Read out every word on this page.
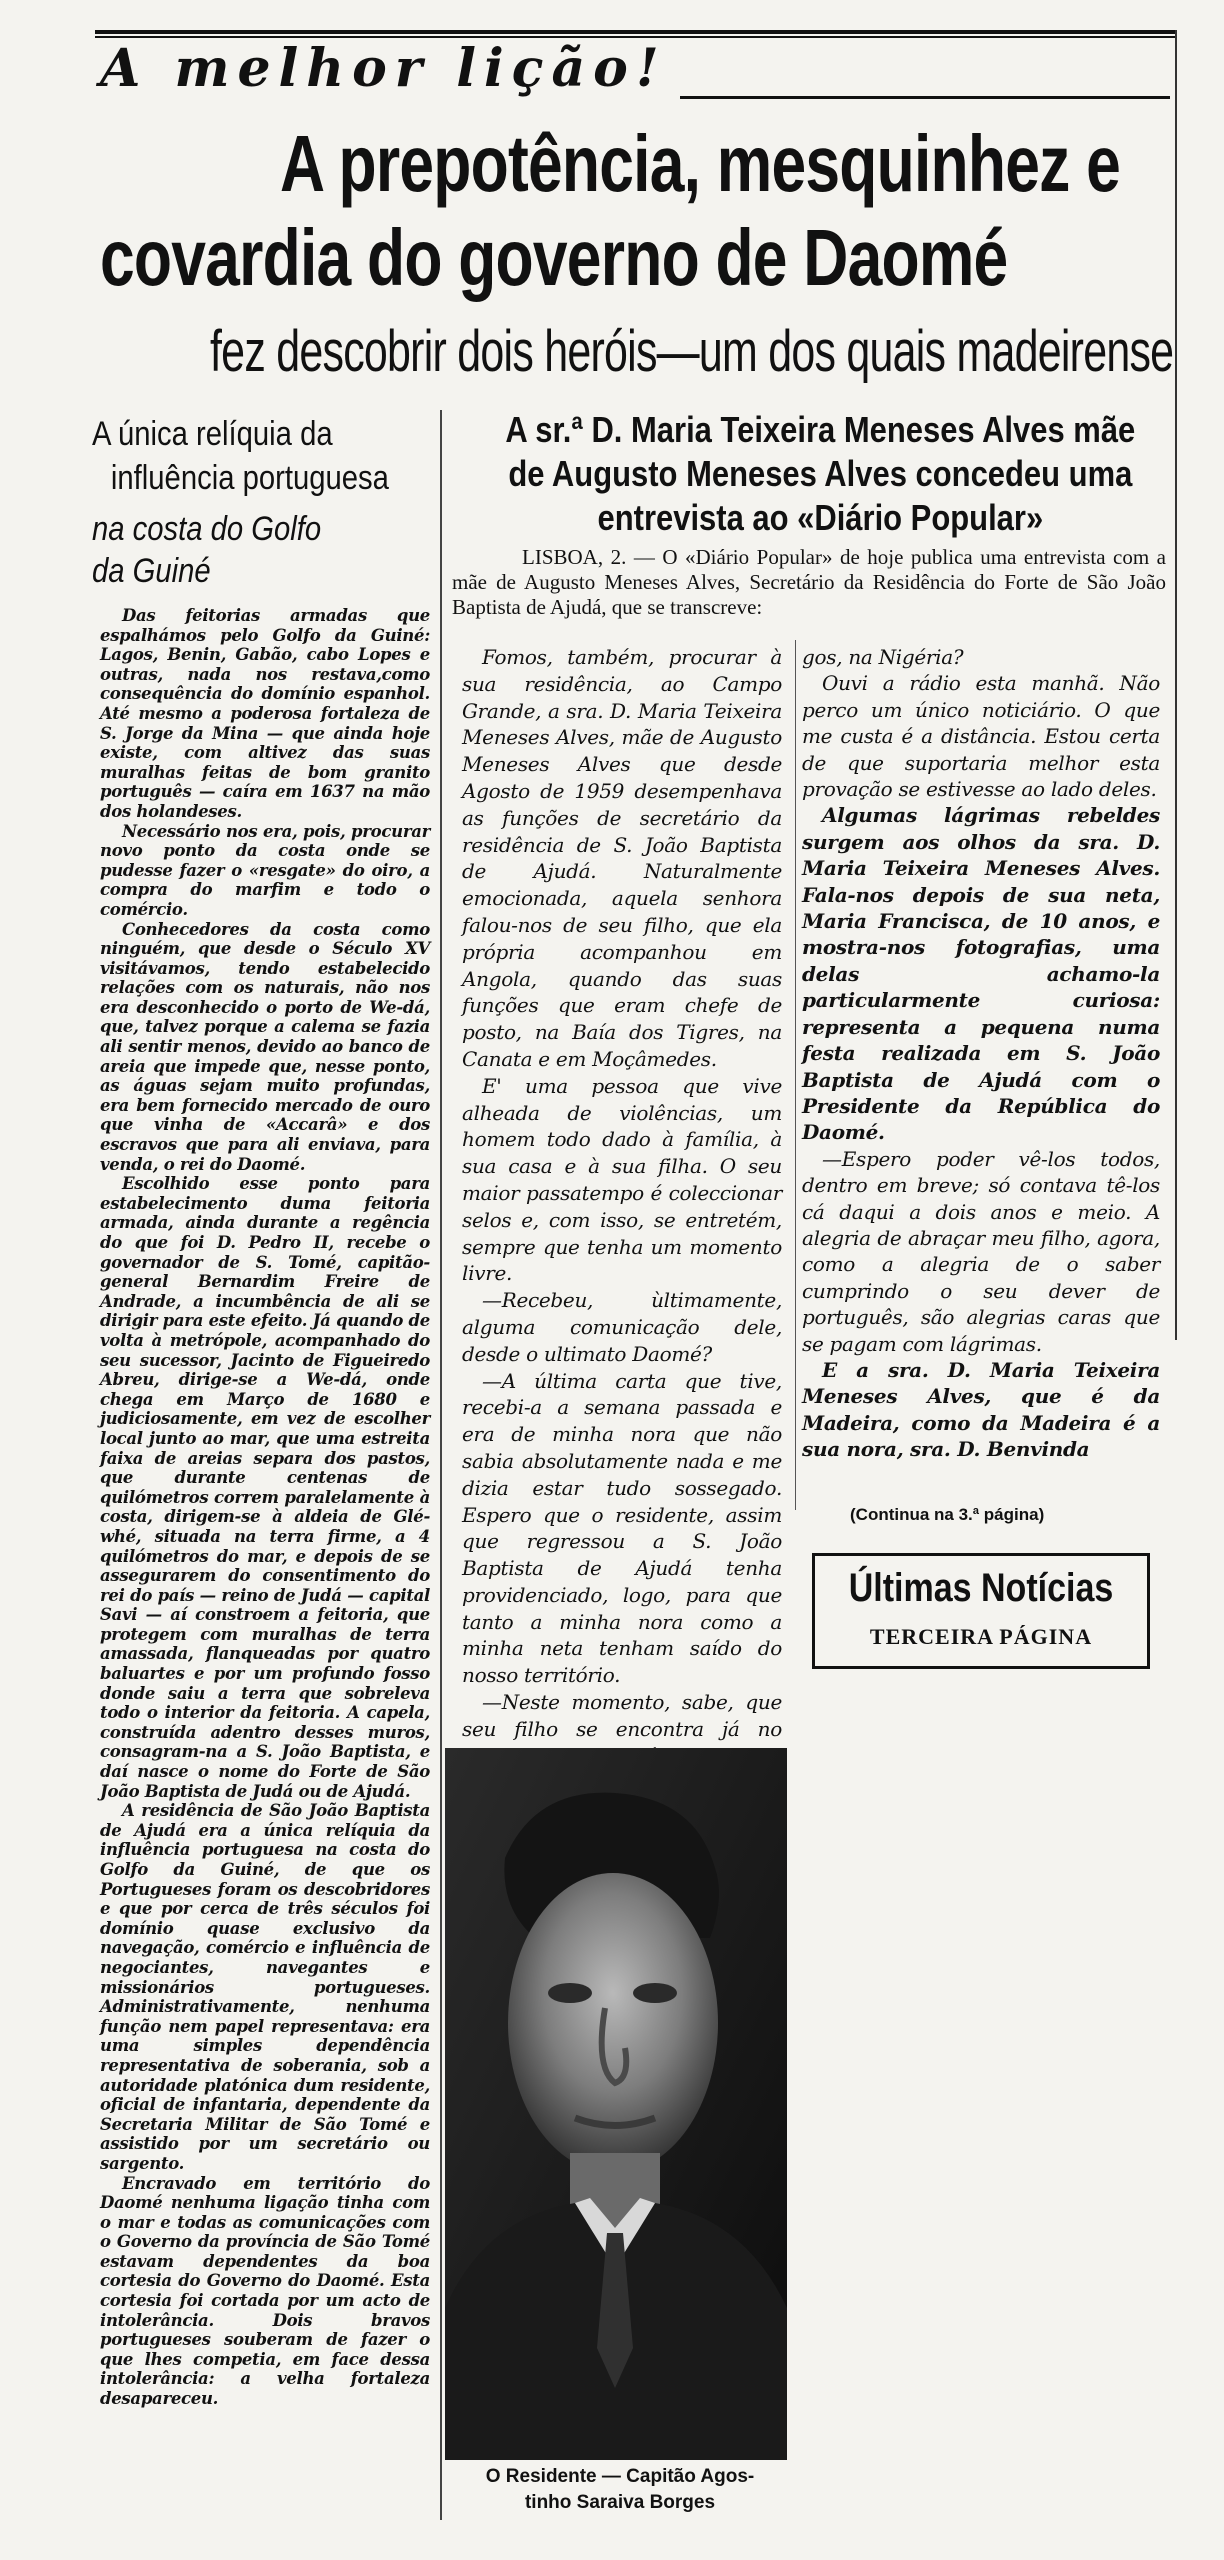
A melhor lição!
A prepotência, mesquinhez e
covardia do governo de Daomé
fez descobrir dois heróis—um dos quais madeirense
A única relíquia da
influência portuguesa
na costa do Golfo
da Guiné

Das feitorias armadas que espalhámos pelo Golfo da Guiné: Lagos, Benin, Gabão, cabo Lopes e outras, nada nos restava,como consequência do domínio espanhol. Até mesmo a poderosa fortaleza de S. Jorge da Mina — que ainda hoje existe, com altivez das suas muralhas feitas de bom granito português — caíra em 1637 na mão dos holandeses.

Necessário nos era, pois, procurar novo ponto da costa onde se pudesse fazer o «resgate» do oiro, a compra do marfim e todo o comércio.

Conhecedores da costa como ninguém, que desde o Século XV visitávamos, tendo estabelecido relações com os naturais, não nos era desconhecido o porto de We-dá, que, talvez porque a calema se fazia ali sentir menos, devido ao banco de areia que impede que, nesse ponto, as águas sejam muito profundas, era bem fornecido mercado de ouro que vinha de «Accarâ» e dos escravos que para ali enviava, para venda, o rei do Daomé.

Escolhido esse ponto para estabelecimento duma feitoria armada, ainda durante a regência do que foi D. Pedro II, recebe o governador de S. Tomé, capitão-general Bernardim Freire de Andrade, a incumbência de ali se dirigir para este efeito. Já quando de volta à metrópole, acompanhado do seu sucessor, Jacinto de Figueiredo Abreu, dirige-se a We-dá, onde chega em Março de 1680 e judiciosamente, em vez de escolher local junto ao mar, que uma estreita faixa de areias separa dos pastos, que durante centenas de quilómetros correm paralelamente à costa, dirigem-se à aldeia de Glé-whé, situada na terra firme, a 4 quilómetros do mar, e depois de se assegurarem do consentimento do rei do país — reino de Judá — capital Savi — aí constroem a feitoria, que protegem com muralhas de terra amassada, flanqueadas por quatro baluartes e por um profundo fosso donde saiu a terra que sobreleva todo o interior da feitoria. A capela, construída adentro desses muros, consagram-na a S. João Baptista, e daí nasce o nome do Forte de São João Baptista de Judá ou de Ajudá.

A residência de São João Baptista de Ajudá era a única relíquia da influência portuguesa na costa do Golfo da Guiné, de que os Portugueses foram os descobridores e que por cerca de três séculos foi domínio quase exclusivo da navegação, comércio e influência de negociantes, navegantes e missionários portugueses. Administrativamente, nenhuma função nem papel representava: era uma simples dependência representativa de soberania, sob a autoridade platónica dum residente, oficial de infantaria, dependente da Secretaria Militar de São Tomé e assistido por um secretário ou sargento.

Encravado em território do Daomé nenhuma ligação tinha com o mar e todas as comunicações com o Governo da província de São Tomé estavam dependentes da boa cortesia do Governo do Daomé. Esta cortesia foi cortada por um acto de intolerância. Dois bravos portugueses souberam de fazer o que lhes competia, em face dessa intolerância: a velha fortaleza desapareceu.

A sr.ª D. Maria Teixeira Meneses Alves mãe
de Augusto Meneses Alves concedeu uma
entrevista ao «Diário Popular»

LISBOA, 2. — O «Diário Popular» de hoje publica uma entrevista com a mãe de Augusto Meneses Alves, Secretário da Residência do Forte de São João Baptista de Ajudá, que se transcreve:

Fomos, também, procurar à sua residência, ao Campo Grande, a sra. D. Maria Teixeira Meneses Alves, mãe de Augusto Meneses Alves que desde Agosto de 1959 desempenhava as funções de secretário da residência de S. João Baptista de Ajudá. Naturalmente emocionada, aquela senhora falou-nos de seu filho, que ela própria acompanhou em Angola, quando das suas funções que eram chefe de posto, na Baía dos Tigres, na Canata e em Moçâmedes.

E' uma pessoa que vive alheada de violências, um homem todo dado à família, à sua casa e à sua filha. O seu maior passatempo é coleccionar selos e, com isso, se entretém, sempre que tenha um momento livre.

—Recebeu, ùltimamente, alguma comunicação dele, desde o ultimato Daomé?

—A última carta que tive, recebi-a a semana passada e era de minha nora que não sabia absolutamente nada e me dizia estar tudo sossegado. Espero que o residente, assim que regressou a S. João Baptista de Ajudá tenha providenciado, logo, para que tanto a minha nora como a minha neta tenham saído do nosso território.

—Neste momento, sabe, que seu filho se encontra já no

gos, na Nigéria?

Ouvi a rádio esta manhã. Não perco um único noticiário. O que me custa é a distância. Estou certa de que suportaria melhor esta provação se estivesse ao lado deles.

Algumas lágrimas rebeldes surgem aos olhos da sra. D. Maria Teixeira Meneses Alves. Fala-nos depois de sua neta, Maria Francisca, de 10 anos, e mostra-nos fotografias, uma delas achamo-la particularmente curiosa: representa a pequena numa festa realizada em S. João Baptista de Ajudá com o Presidente da República do Daomé.

—Espero poder vê-los todos, dentro em breve; só contava tê-los cá daqui a dois anos e meio. A alegria de abraçar meu filho, agora, como a alegria de o saber cumprindo o seu dever de português, são alegrias caras que se pagam com lágrimas.

E a sra. D. Maria Teixeira Meneses Alves, que é da Madeira, como da Madeira é a sua nora, sra. D. Benvinda

(Continua na 3.ª página)
Últimas Notícias
TERCEIRA PÁGINA
O Residente — Capitão Agos-
tinho Saraiva Borges
